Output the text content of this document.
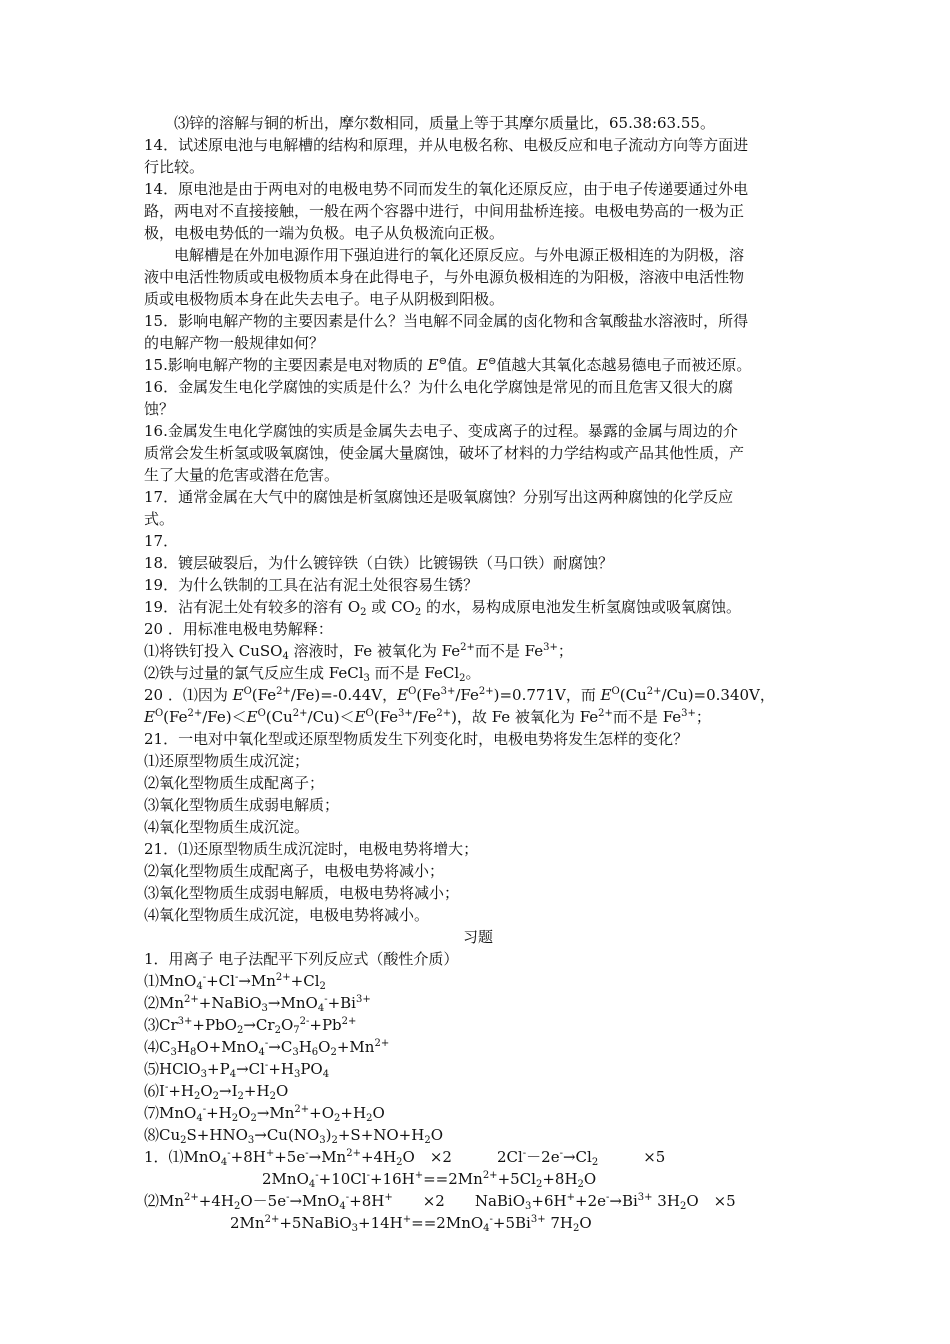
⑶锌的溶解与铜的析出，摩尔数相同，质量上等于其摩尔质量比，65.38:63.55。
14．试述原电池与电解槽的结构和原理，并从电极名称、电极反应和电子流动方向等方面进
行比较。
14．原电池是由于两电对的电极电势不同而发生的氧化还原反应，由于电子传递要通过外电
路，两电对不直接接触，一般在两个容器中进行，中间用盐桥连接。电极电势高的一极为正
极，电极电势低的一端为负极。电子从负极流向正极。
电解槽是在外加电源作用下强迫进行的氧化还原反应。与外电源正极相连的为阴极，溶
液中电活性物质或电极物质本身在此得电子，与外电源负极相连的为阳极，溶液中电活性物
质或电极物质本身在此失去电子。电子从阴极到阳极。
15．影响电解产物的主要因素是什么？当电解不同金属的卤化物和含氧酸盐水溶液时，所得
的电解产物一般规律如何？
15.影响电解产物的主要因素是电对物质的 E⊖值。E⊖值越大其氧化态越易德电子而被还原。
16．金属发生电化学腐蚀的实质是什么？为什么电化学腐蚀是常见的而且危害又很大的腐
蚀？
16.金属发生电化学腐蚀的实质是金属失去电子、变成离子的过程。暴露的金属与周边的介
质常会发生析氢或吸氧腐蚀，使金属大量腐蚀，破坏了材料的力学结构或产品其他性质，产
生了大量的危害或潜在危害。
17．通常金属在大气中的腐蚀是析氢腐蚀还是吸氧腐蚀？分别写出这两种腐蚀的化学反应
式。
17．
18．镀层破裂后，为什么镀锌铁（白铁）比镀锡铁（马口铁）耐腐蚀？
19．为什么铁制的工具在沾有泥土处很容易生锈？
19．沾有泥土处有较多的溶有 $O_2$ 或 $CO_2$ 的水，易构成原电池发生析氢腐蚀或吸氧腐蚀。
20 ．用标准电极电势解释：
⑴将铁钉投入 CuSO$_4$ 溶液时，Fe 被氧化为 $Fe^{2+}$而不是 $Fe^{3+}$；
⑵铁与过量的氯气反应生成 FeCl$_3$ 而不是 FeCl$_2$。
20 ．⑴因为 $E^O(Fe^{2+}/Fe)=-0.44V$，$E^O(Fe^{3+}/Fe^{2+})=0.771V$，而 $E^O(Cu^{2+}/Cu)=0.340V$，
$E^O(Fe^{2+}/Fe)<E^O(Cu^{2+}/Cu)<E^O(Fe^{3+}/Fe^{2+})$，故 Fe 被氧化为 $Fe^{2+}$而不是 $Fe^{3+}$；
21．一电对中氧化型或还原型物质发生下列变化时，电极电势将发生怎样的变化？
⑴还原型物质生成沉淀；
⑵氧化型物质生成配离子；
⑶氧化型物质生成弱电解质；
⑷氧化型物质生成沉淀。
21．⑴还原型物质生成沉淀时，电极电势将增大；
⑵氧化型物质生成配离子，电极电势将减小；
⑶氧化型物质生成弱电解质，电极电势将减小；
⑷氧化型物质生成沉淀，电极电势将减小。
习题
1．用离子 电子法配平下列反应式（酸性介质）
$⑴MnO_4^-+Cl^-\to Mn^{2+}+Cl_2$
$⑵Mn^{2+}+NaBiO_3\to MnO_4^-+Bi^{3+}$
$⑶Cr^{3+}+PbO_2\to Cr_2O_7^{2-}+Pb^{2+}$
$⑷C_3H_8O+MnO_4^-\to C_3H_6O_2+Mn^{2+}$
$⑸HClO_3+P_4\to Cl^-+H_3PO_4$
$⑹I^-+H_2O_2\to I_2+H_2O$
$⑺MnO_4^-+H_2O_2\to Mn^{2+}+O_2+H_2O$
$⑻Cu_2S+HNO_3\to Cu(NO_3)_2+S+NO+H_2O$
1．$⑴MnO_4^-+8H^++5e^-\to Mn^{2+}+4H_2O$　×2　　　$2Cl^--2e^-\to Cl_2$　　　×5
$2MnO_4^-+10Cl^-+16H^+==2Mn^{2+}+5Cl_2+8H_2O$
$⑵Mn^{2+}+4H_2O-5e^-\to MnO_4^-+8H^+$　　×2　　$NaBiO_3+6H^++2e^-\to Bi^{3+}$ $3H_2O$　×5
$2Mn^{2+}+5NaBiO_3+14H^+==2MnO_4^-+5Bi^{3+}$ $7H_2O$
